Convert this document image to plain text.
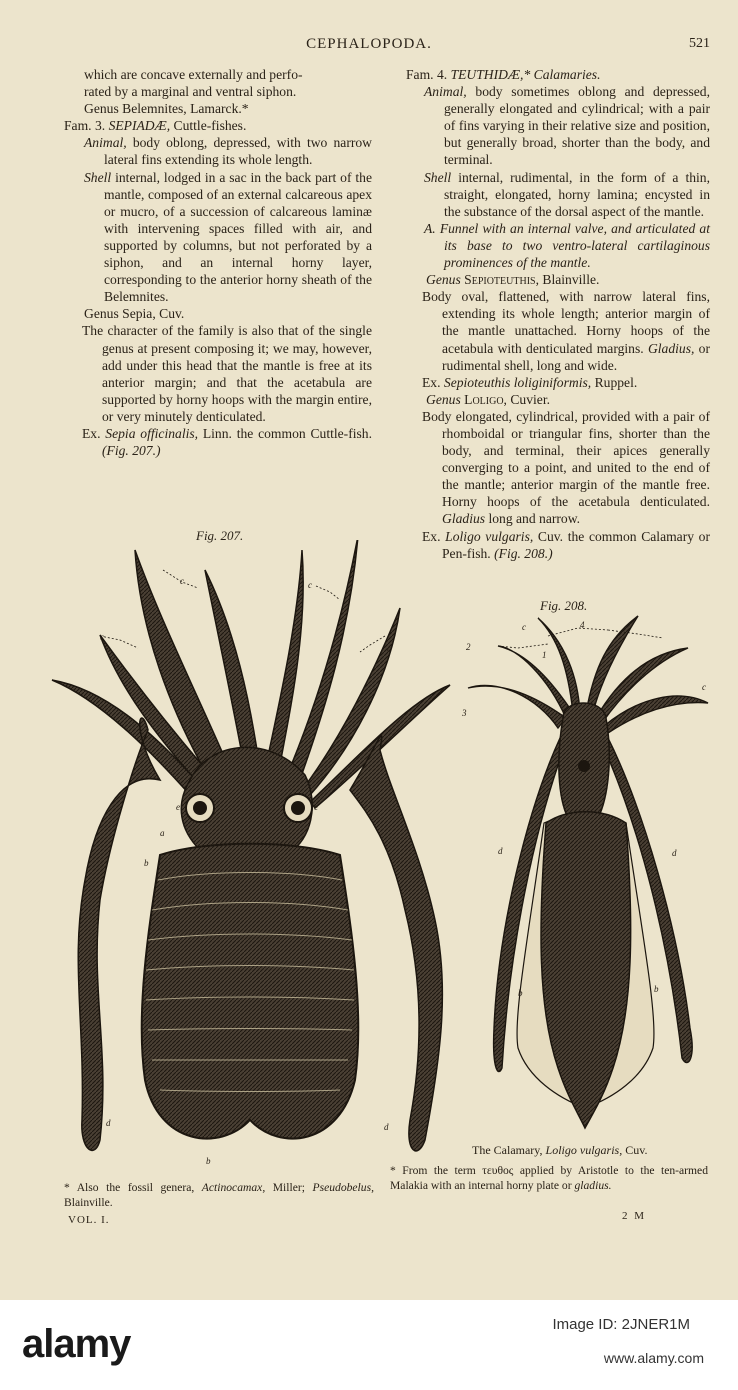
CEPHALOPODA.	521

which are concave externally and perfo-

rated by a marginal and ventral siphon.

Genus Belemnites, Lamarck.*

Fam. 3. SEPIADÆ, Cuttle-fishes.

Animal, body oblong, depressed, with two narrow lateral fins extending its whole length.

Shell internal, lodged in a sac in the back part of the mantle, composed of an external calcareous apex or mucro, of a succession of calcareous laminæ with intervening spaces filled with air, and supported by columns, but not perforated by a siphon, and an internal horny layer, corresponding to the anterior horny sheath of the Belemnites.

Genus Sepia, Cuv.

The character of the family is also that of the single genus at present composing it; we may, however, add under this head that the mantle is free at its anterior margin; and that the acetabula are supported by horny hoops with the margin entire, or very minutely denticulated.

Ex. Sepia officinalis, Linn. the common Cuttle-fish. (Fig. 207.)

Fam. 4. TEUTHIDÆ,* Calamaries.

Animal, body sometimes oblong and depressed, generally elongated and cylindrical; with a pair of fins varying in their relative size and position, but generally broad, shorter than the body, and terminal.

Shell internal, rudimental, in the form of a thin, straight, elongated, horny lamina; encysted in the substance of the dorsal aspect of the mantle.

A. Funnel with an internal valve, and articulated at its base to two ventro-lateral cartilaginous prominences of the mantle.

Genus Sepioteuthis, Blainville.

Body oval, flattened, with narrow lateral fins, extending its whole length; anterior margin of the mantle unattached. Horny hoops of the acetabula with denticulated margins. Gladius, or rudimental shell, long and wide.

Ex. Sepioteuthis loliginiformis, Ruppel.

Genus Loligo, Cuvier.

Body elongated, cylindrical, provided with a pair of rhomboidal or triangular fins, shorter than the body, and terminal, their apices generally converging to a point, and united to the end of the mantle; anterior margin of the mantle free. Horny hoops of the acetabula denticulated. Gladius long and narrow.

Ex. Loligo vulgaris, Cuv. the common Calamary or Pen-fish. (Fig. 208.)

Fig. 207.
Fig. 208.
a
b
b
c	c
c
c
d	d
e	e
2
3
1
4
c
c
d	d
b	b
The Calamary, Loligo vulgaris, Cuv.
* Also the fossil genera, Actinocamax, Miller; Pseudobelus, Blainville.
VOL. I.
* From the term τευθος applied by Aristotle to the ten-armed Malakia with an internal horny plate or gladius.
2 M
alamy	Image ID: 2JNER1M
www.alamy.com
